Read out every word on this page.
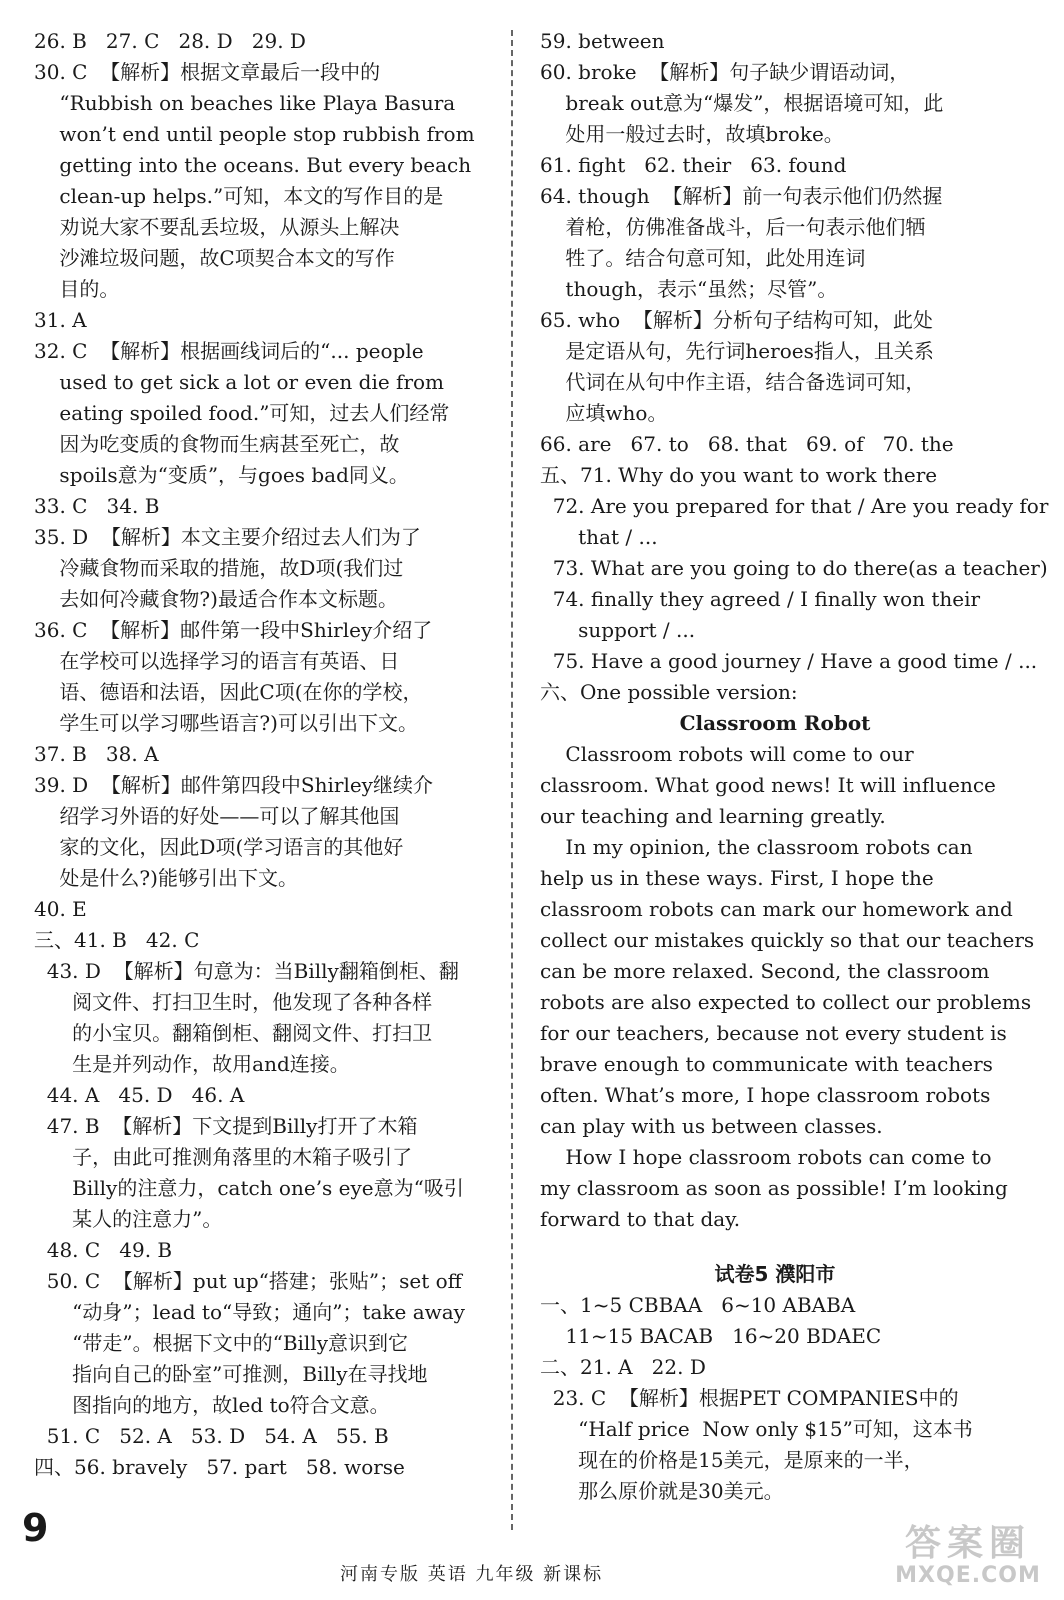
26. B   27. C   28. D   29. D
30. C  【解析】根据文章最后一段中的
“Rubbish on beaches like Playa Basura
won’t end until people stop rubbish from
getting into the oceans. But every beach
clean-up helps.”可知，本文的写作目的是
劝说大家不要乱丢垃圾，从源头上解决
沙滩垃圾问题，故C项契合本文的写作
目的。
31. A
32. C  【解析】根据画线词后的“... people
used to get sick a lot or even die from
eating spoiled food.”可知，过去人们经常
因为吃变质的食物而生病甚至死亡，故
spoils意为“变质”，与goes bad同义。
33. C   34. B
35. D  【解析】本文主要介绍过去人们为了
冷藏食物而采取的措施，故D项(我们过
去如何冷藏食物?)最适合作本文标题。
36. C  【解析】邮件第一段中Shirley介绍了
在学校可以选择学习的语言有英语、日
语、德语和法语，因此C项(在你的学校，
学生可以学习哪些语言?)可以引出下文。
37. B   38. A
39. D  【解析】邮件第四段中Shirley继续介
绍学习外语的好处——可以了解其他国
家的文化，因此D项(学习语言的其他好
处是什么?)能够引出下文。
40. E
三、41. B   42. C
43. D  【解析】句意为：当Billy翻箱倒柜、翻
阅文件、打扫卫生时，他发现了各种各样
的小宝贝。翻箱倒柜、翻阅文件、打扫卫
生是并列动作，故用and连接。
44. A   45. D   46. A
47. B  【解析】下文提到Billy打开了木箱
子，由此可推测角落里的木箱子吸引了
Billy的注意力，catch one’s eye意为“吸引
某人的注意力”。
48. C   49. B
50. C  【解析】put up“搭建；张贴”；set off
“动身”；lead to“导致；通向”；take away
“带走”。根据下文中的“Billy意识到它
指向自己的卧室”可推测，Billy在寻找地
图指向的地方，故led to符合文意。
51. C   52. A   53. D   54. A   55. B
四、56. bravely   57. part   58. worse
59. between
60. broke  【解析】句子缺少谓语动词，
break out意为“爆发”，根据语境可知，此
处用一般过去时，故填broke。
61. fight   62. their   63. found
64. though  【解析】前一句表示他们仍然握
着枪，仿佛准备战斗，后一句表示他们牺
牲了。结合句意可知，此处用连词
though，表示“虽然；尽管”。
65. who  【解析】分析句子结构可知，此处
是定语从句，先行词heroes指人，且关系
代词在从句中作主语，结合备选词可知，
应填who。
66. are   67. to   68. that   69. of   70. the
五、71. Why do you want to work there
72. Are you prepared for that / Are you ready for
that / ...
73. What are you going to do there(as a teacher)
74. finally they agreed / I finally won their
support / ...
75. Have a good journey / Have a good time / ...
六、One possible version:
Classroom Robot
Classroom robots will come to our
classroom. What good news! It will influence
our teaching and learning greatly.
In my opinion, the classroom robots can
help us in these ways. First, I hope the
classroom robots can mark our homework and
collect our mistakes quickly so that our teachers
can be more relaxed. Second, the classroom
robots are also expected to collect our problems
for our teachers, because not every student is
brave enough to communicate with teachers
often. What’s more, I hope classroom robots
can play with us between classes.
How I hope classroom robots can come to
my classroom as soon as possible! I’m looking
forward to that day.
试卷5 濮阳市
一、1~5 CBBAA   6~10 ABABA
11~15 BACAB   16~20 BDAEC
二、21. A   22. D
23. C  【解析】根据PET COMPANIES中的
“Half price  Now only $15”可知，这本书
现在的价格是15美元，是原来的一半，
那么原价就是30美元。
9
河南专版 英语 九年级 新课标
答案圈
MXQE.COM
